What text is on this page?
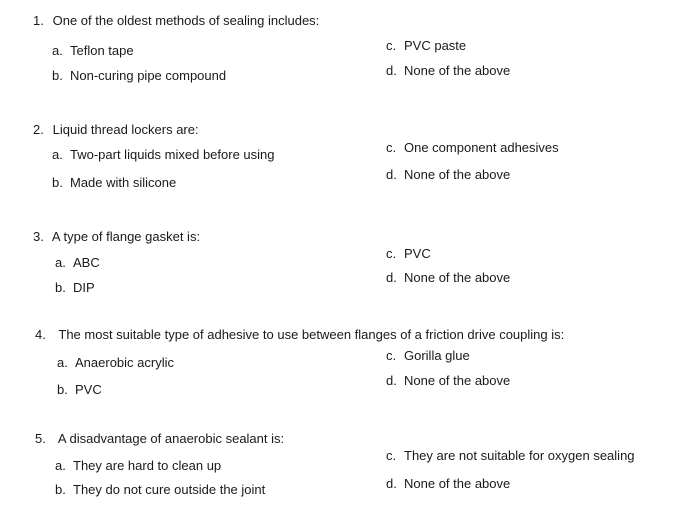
1. One of the oldest methods of sealing includes:
a. Teflon tape
b. Non-curing pipe compound
c. PVC paste
d. None of the above
2. Liquid thread lockers are:
a. Two-part liquids mixed before using
b. Made with silicone
c. One component adhesives
d. None of the above
3. A type of flange gasket is:
a. ABC
b. DIP
c. PVC
d. None of the above
4. The most suitable type of adhesive to use between flanges of a friction drive coupling is:
a. Anaerobic acrylic
b. PVC
c. Gorilla glue
d. None of the above
5. A disadvantage of anaerobic sealant is:
a. They are hard to clean up
b. They do not cure outside the joint
c. They are not suitable for oxygen sealing
d. None of the above
